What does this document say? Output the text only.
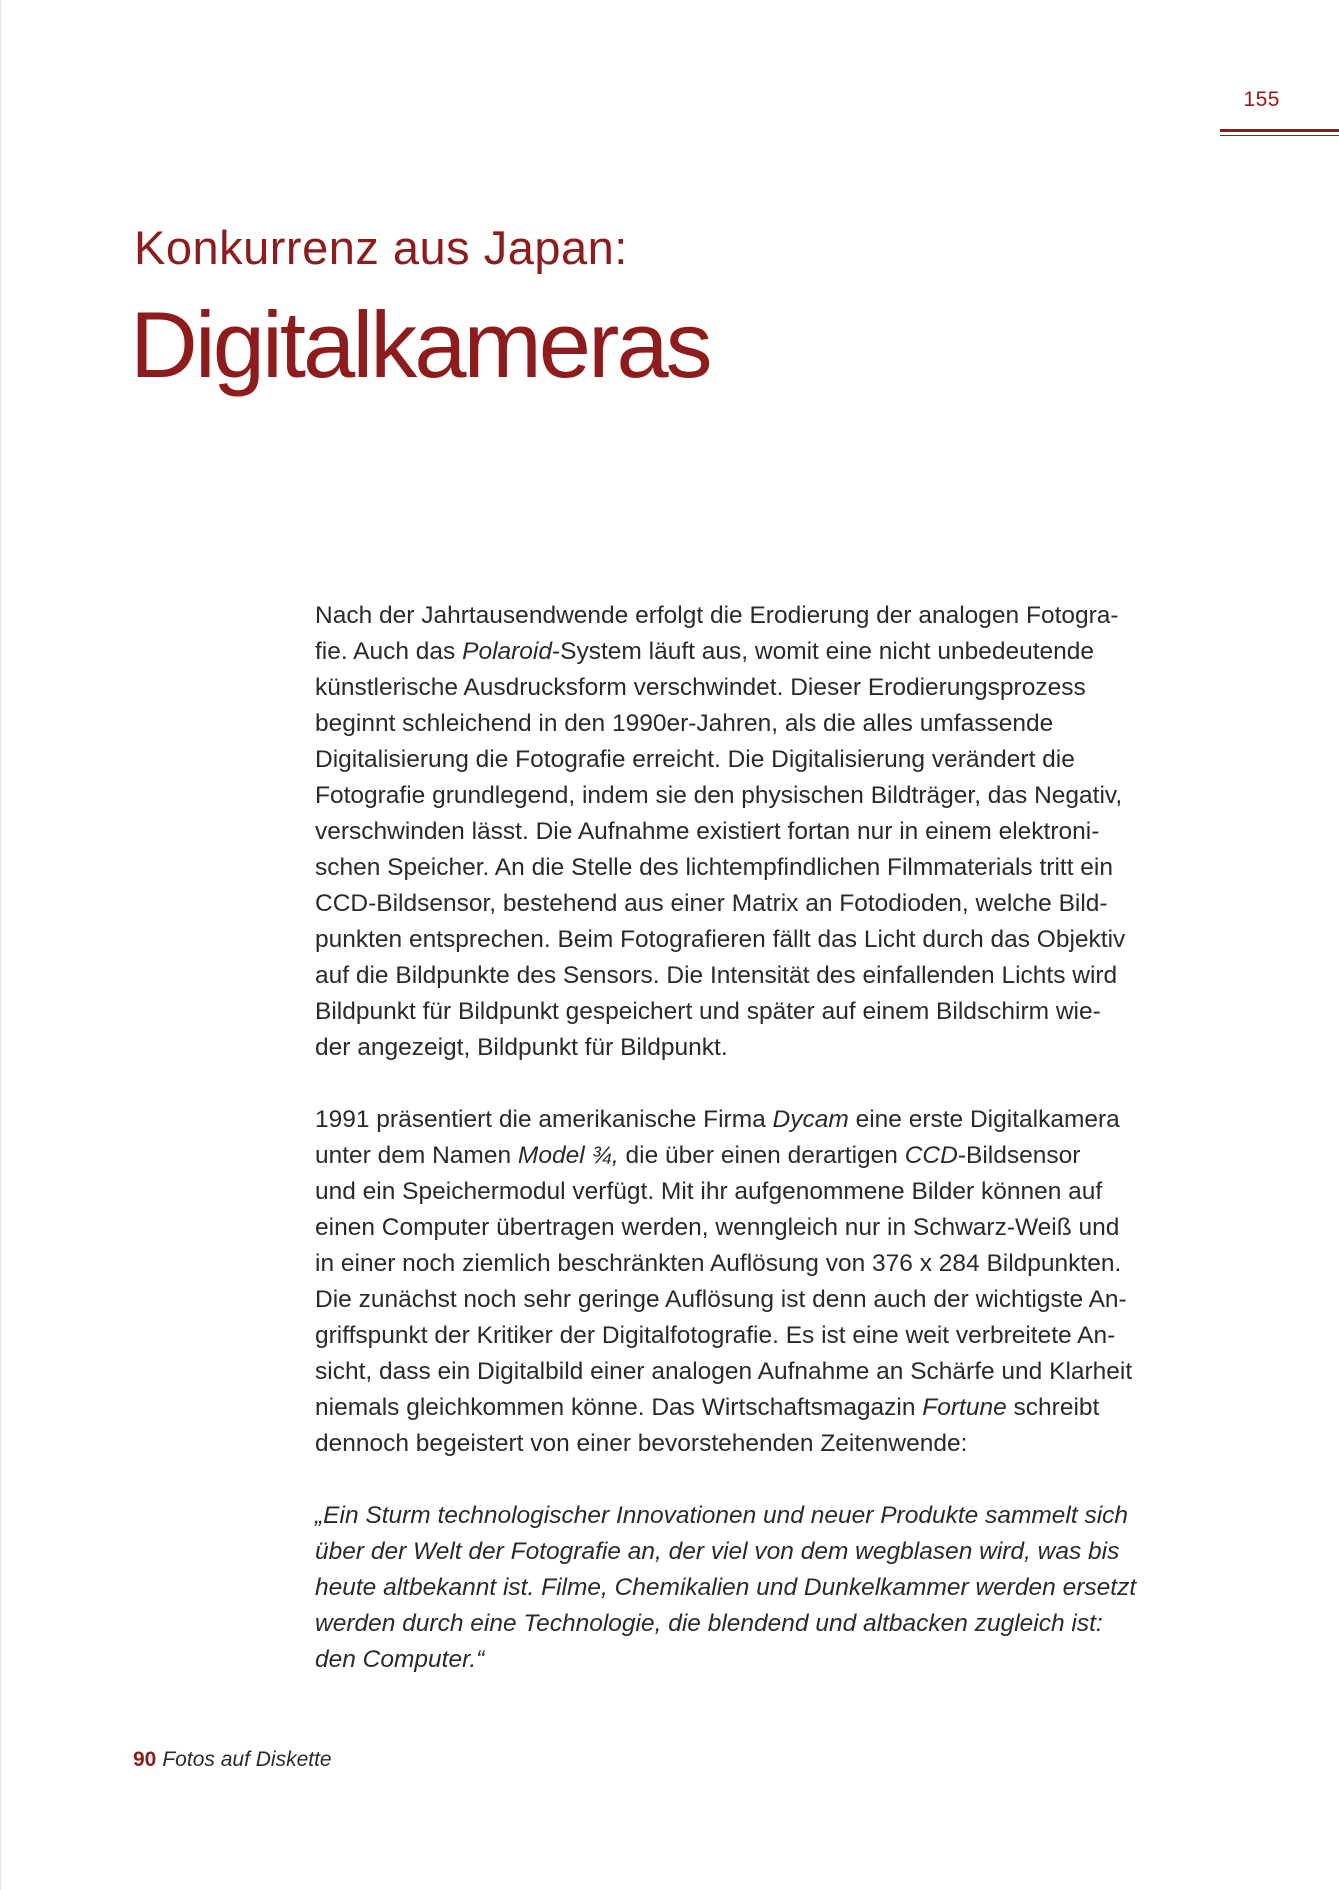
155
Konkurrenz aus Japan:
Digitalkameras

Nach der Jahrtausendwende erfolgt die Erodierung der analogen Fotogra-
fie. Auch das Polaroid-System läuft aus, womit eine nicht unbedeutende
künstlerische Ausdrucksform verschwindet. Dieser Erodierungsprozess
beginnt schleichend in den 1990er-Jahren, als die alles umfassende
Digitalisierung die Fotografie erreicht. Die Digitalisierung verändert die
Fotografie grundlegend, indem sie den physischen Bildträger, das Negativ,
verschwinden lässt. Die Aufnahme existiert fortan nur in einem elektroni-
schen Speicher. An die Stelle des lichtempfindlichen Filmmaterials tritt ein
CCD-Bildsensor, bestehend aus einer Matrix an Fotodioden, welche Bild-
punkten entsprechen. Beim Fotografieren fällt das Licht durch das Objektiv
auf die Bildpunkte des Sensors. Die Intensität des einfallenden Lichts wird
Bildpunkt für Bildpunkt gespeichert und später auf einem Bildschirm wie-
der angezeigt, Bildpunkt für Bildpunkt.

1991 präsentiert die amerikanische Firma Dycam eine erste Digitalkamera
unter dem Namen Model ¾, die über einen derartigen CCD-Bildsensor
und ein Speichermodul verfügt. Mit ihr aufgenommene Bilder können auf
einen Computer übertragen werden, wenngleich nur in Schwarz-Weiß und
in einer noch ziemlich beschränkten Auflösung von 376 x 284 Bildpunkten.
Die zunächst noch sehr geringe Auflösung ist denn auch der wichtigste An-
griffspunkt der Kritiker der Digitalfotografie. Es ist eine weit verbreitete An-
sicht, dass ein Digitalbild einer analogen Aufnahme an Schärfe und Klarheit
niemals gleichkommen könne. Das Wirtschaftsmagazin Fortune schreibt
dennoch begeistert von einer bevorstehenden Zeitenwende:

„Ein Sturm technologischer Innovationen und neuer Produkte sammelt sich
über der Welt der Fotografie an, der viel von dem wegblasen wird, was bis
heute altbekannt ist. Filme, Chemikalien und Dunkelkammer werden ersetzt
werden durch eine Technologie, die blendend und altbacken zugleich ist:
den Computer.“

90 Fotos auf Diskette
